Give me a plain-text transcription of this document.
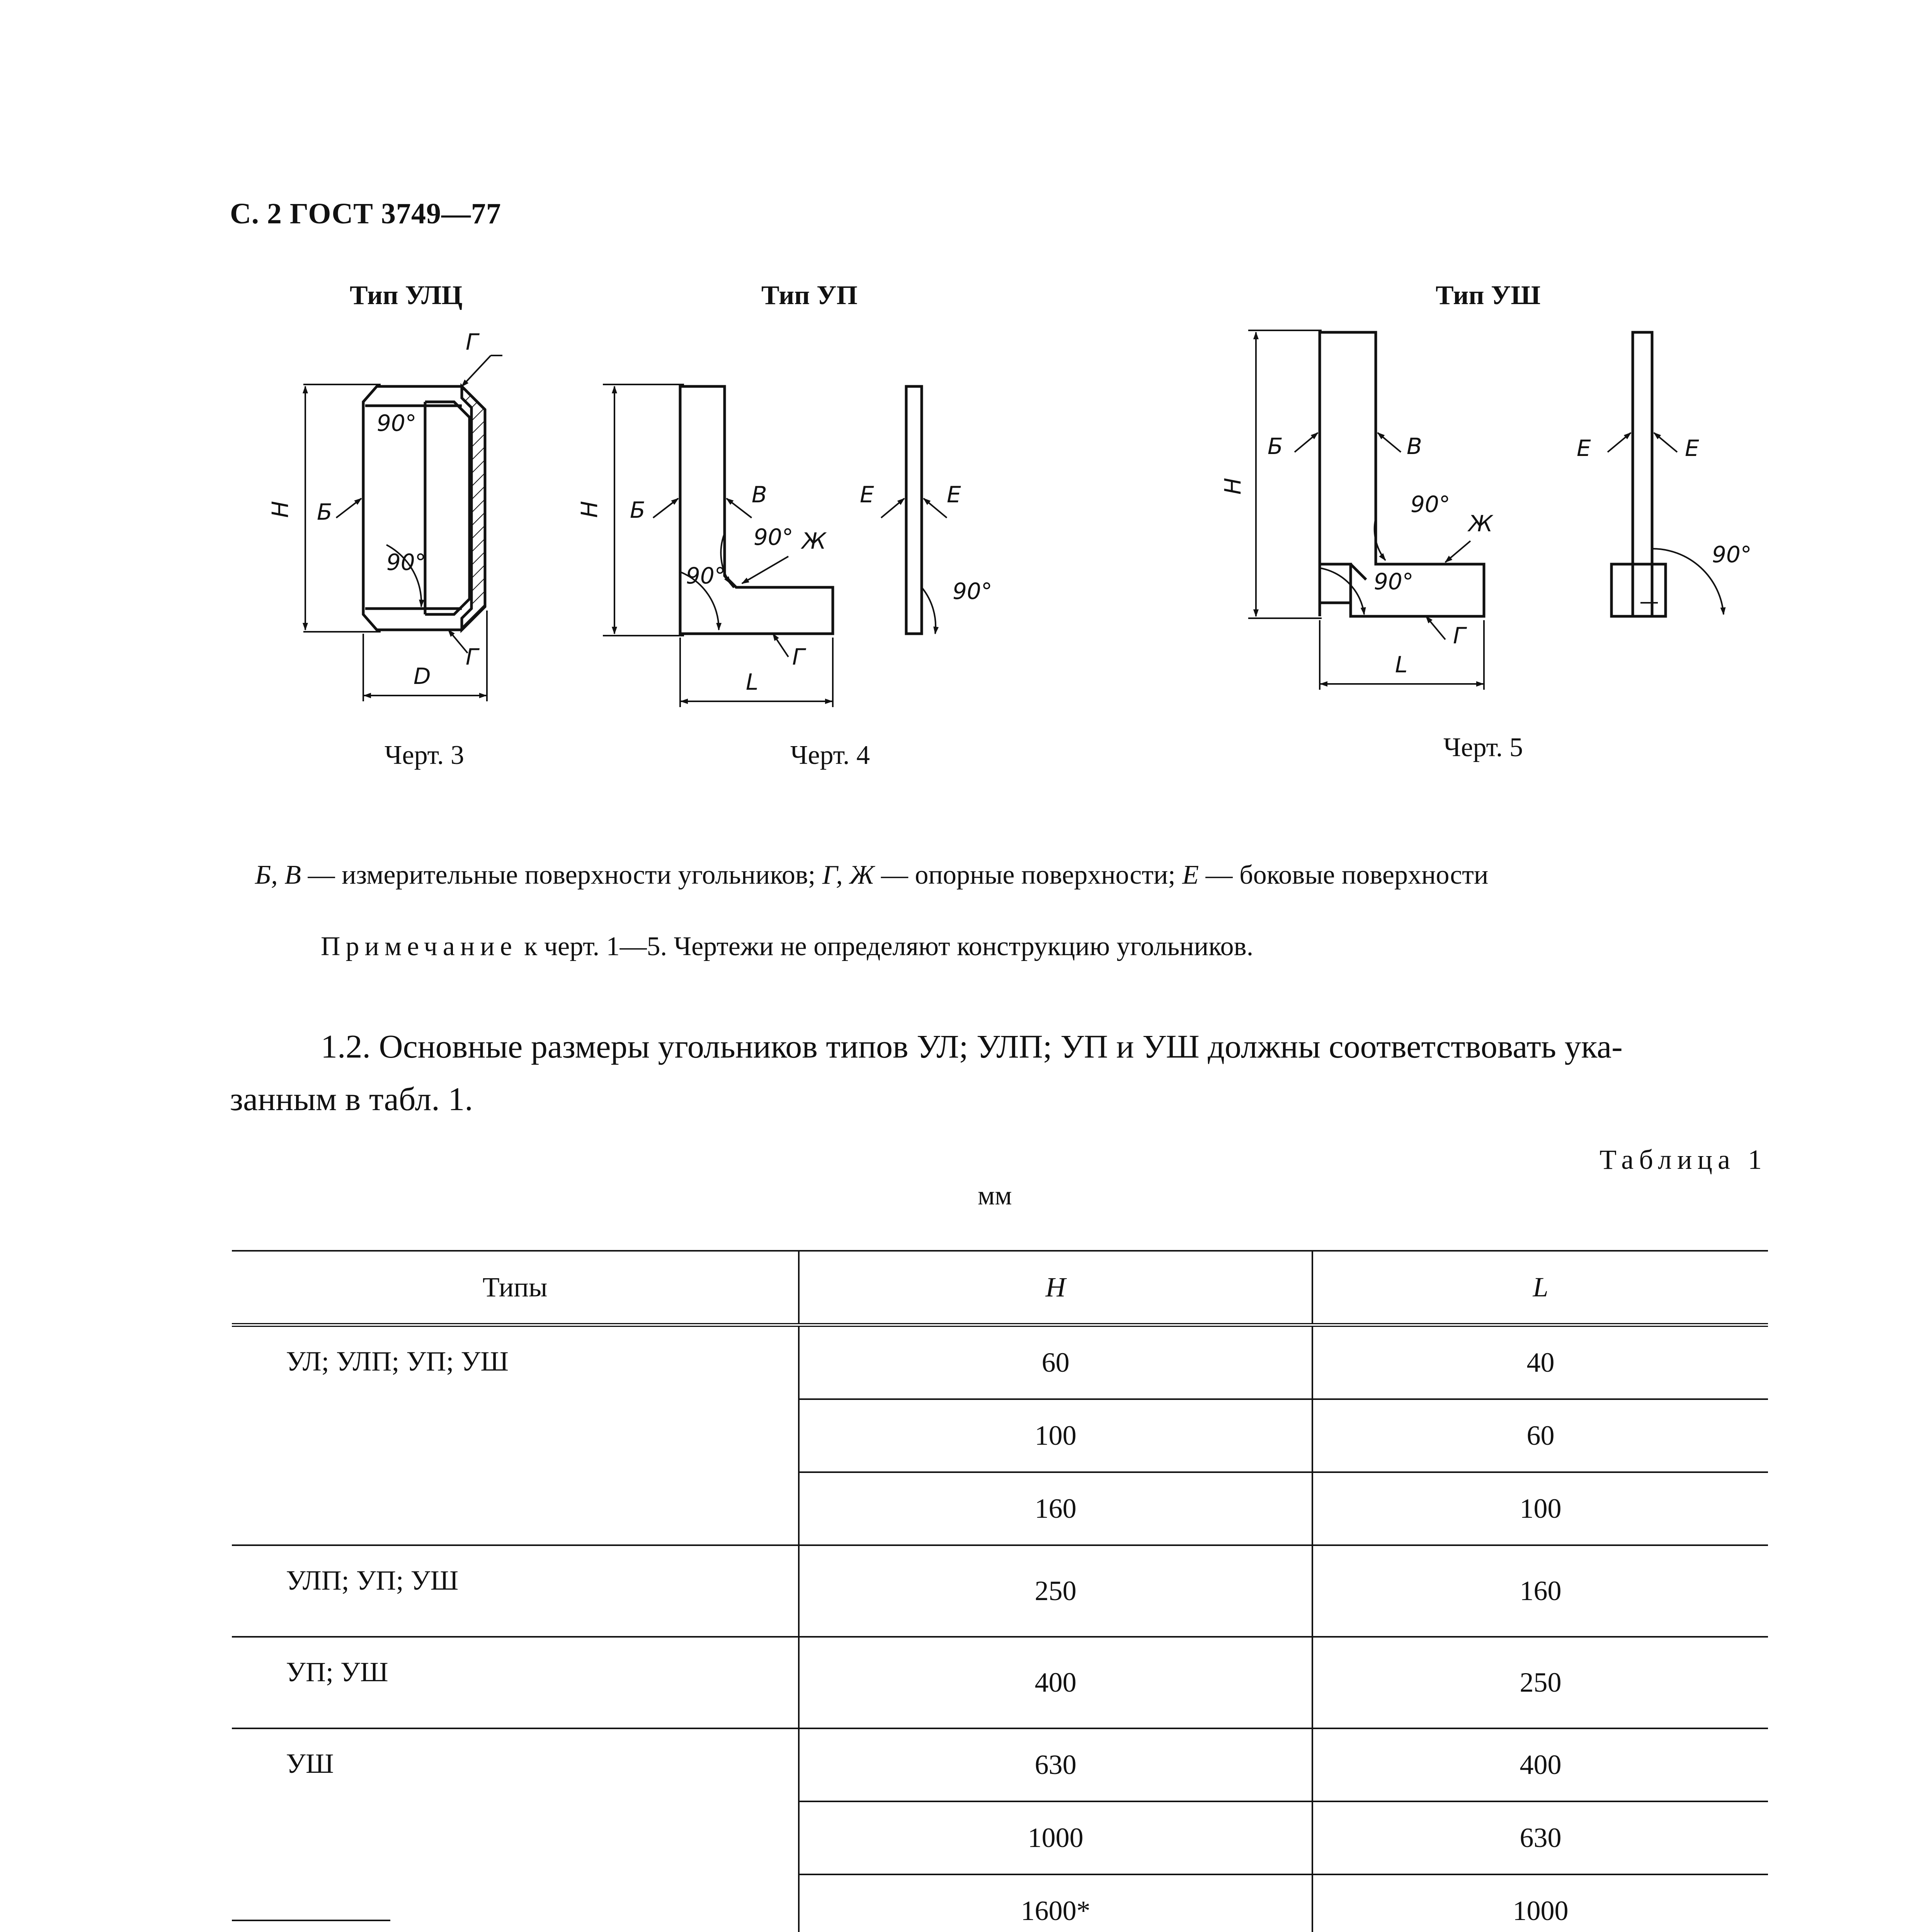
С. 2 ГОСТ 3749—77
Тип УЛЦ	Тип УП	Тип УШ
H Б
Г
Г
90°
90°
D
H Б
В
90°
90°
Ж
Г
L
Е	Е
90°
H
Б	В
90°
90°
Ж
Г
L
Е	Е
90°
Черт. 3	Черт. 4	Черт. 5
Б, В — измерительные поверхности угольников; Г, Ж — опорные поверхности; Е — боковые поверхности
Примечание к черт. 1—5. Чертежи не определяют конструкцию угольников.
1.2. Основные размеры угольников типов УЛ; УЛП; УП и УШ должны соответствовать ука-
занным в табл. 1.
Таблица 1
мм
Типы	H	L
УЛ; УЛП; УП; УШ	60	40
	100	60
	160	100
УЛП; УП; УШ	250	160
УП; УШ	400	250
УШ	630	400
	1000	630
	1600*	1000
